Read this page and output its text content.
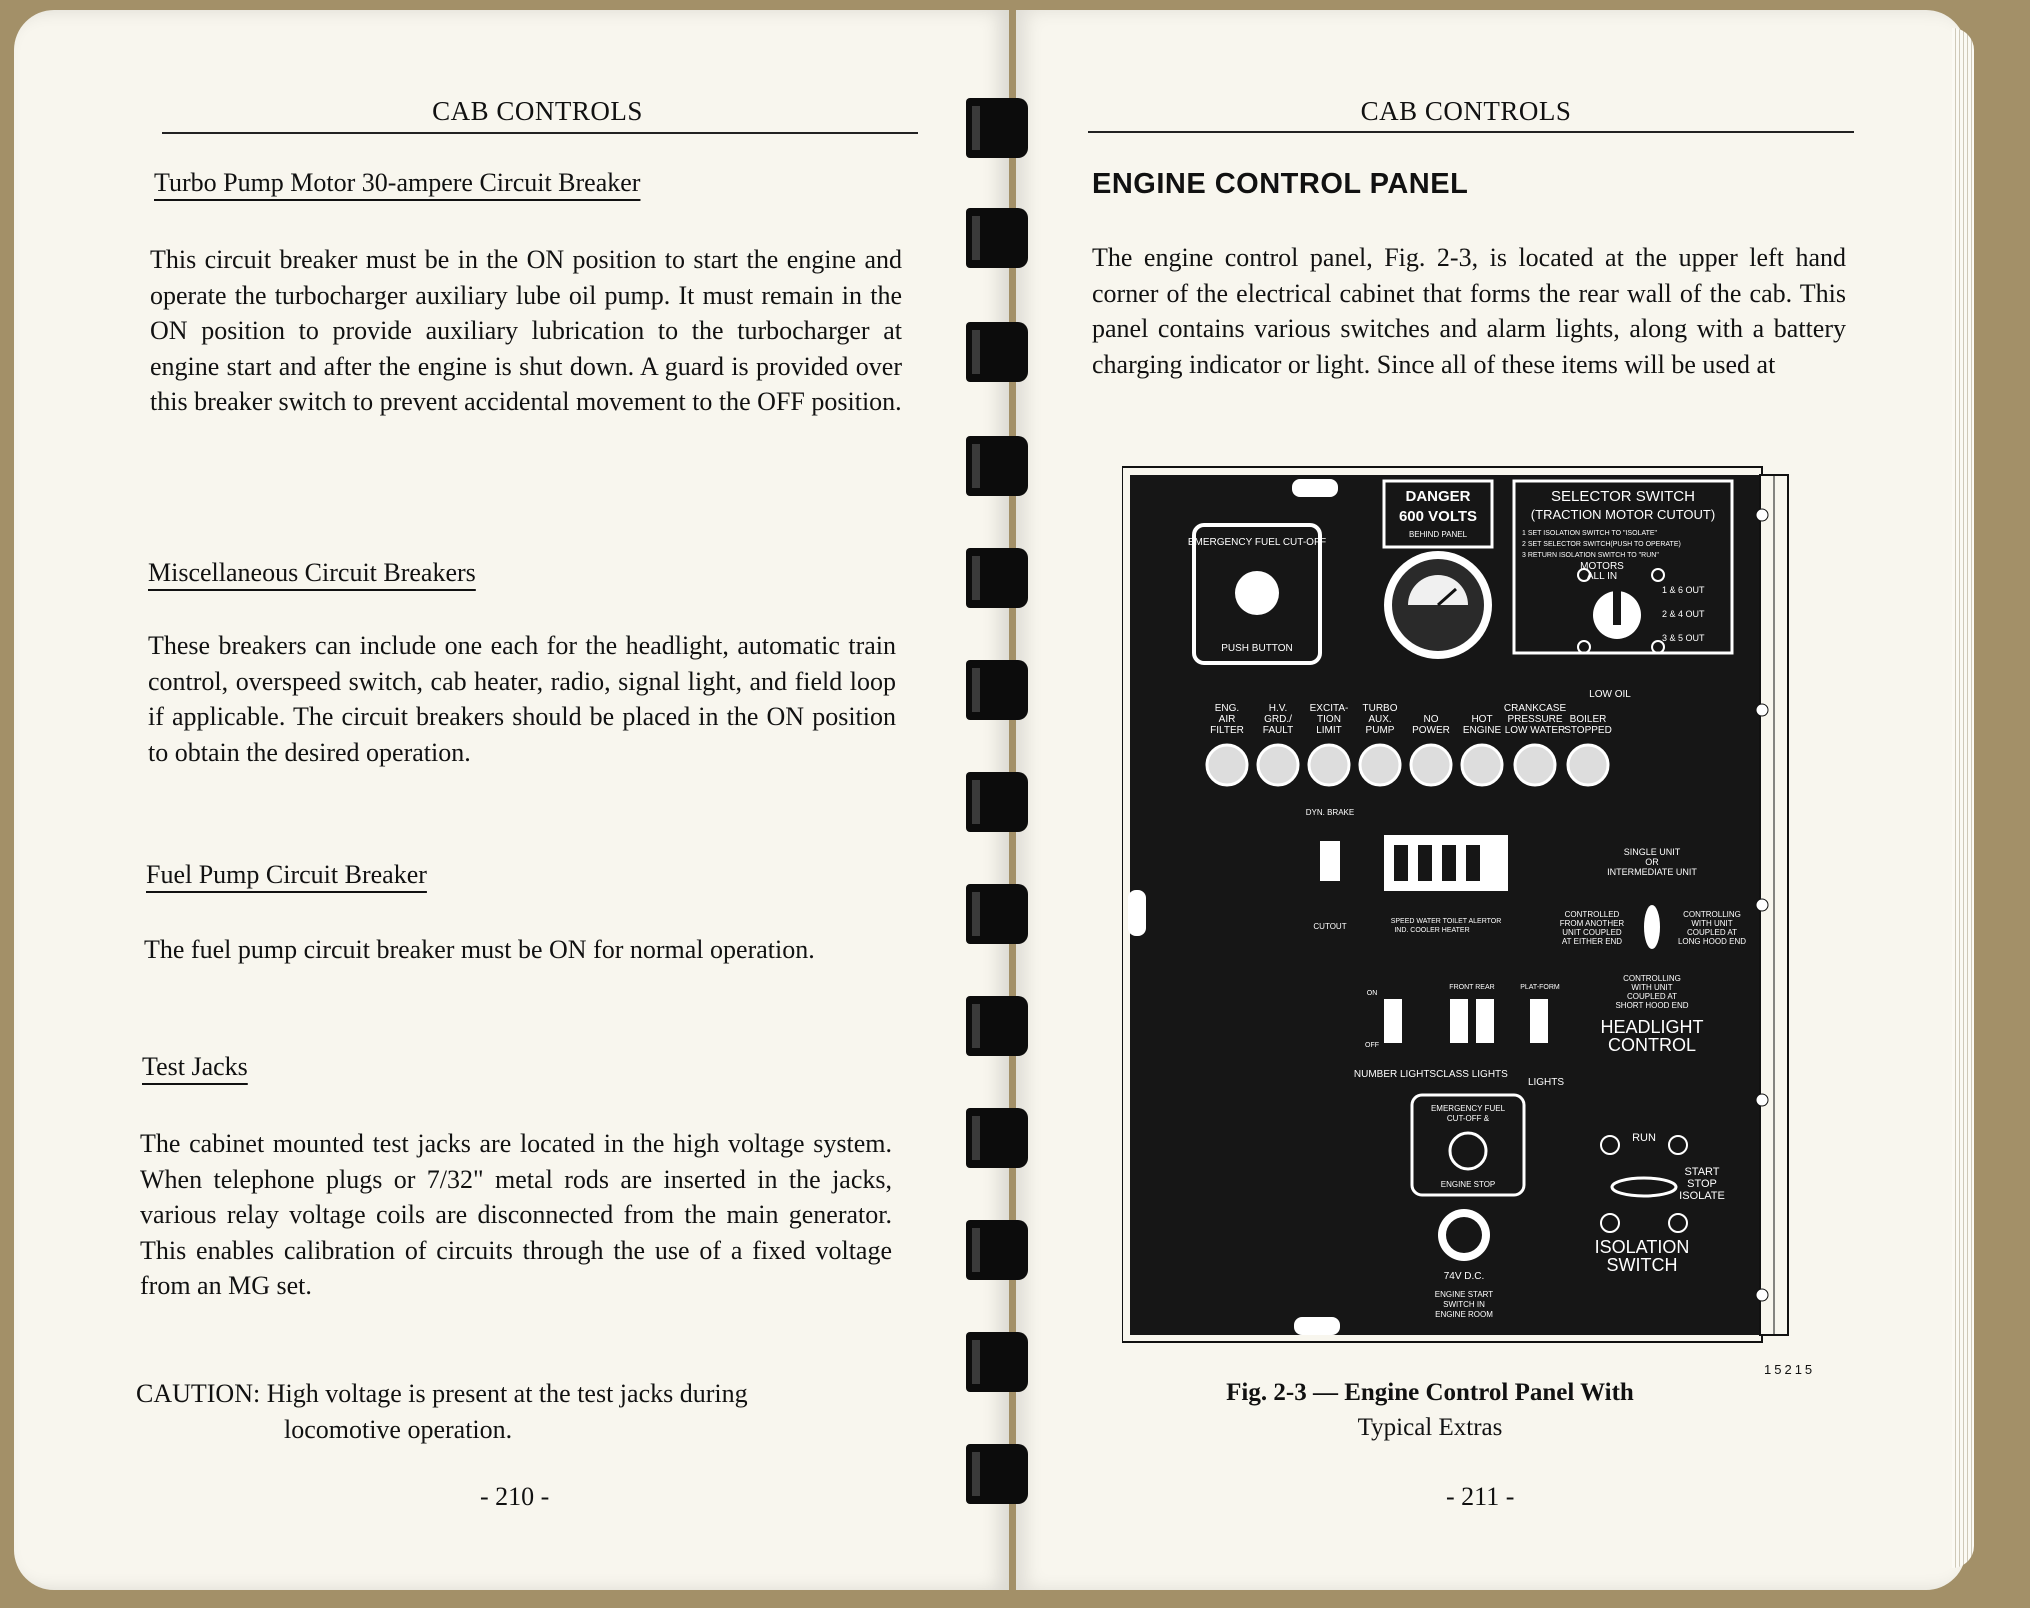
CAB CONTROLS
Turbo Pump Motor 30-ampere Circuit Breaker
This circuit breaker must be in the ON position to start the engine and operate the turbocharger auxiliary lube oil pump. It must remain in the ON position to provide auxiliary lubrication to the turbocharger at engine start and after the engine is shut down. A guard is provided over this breaker switch to prevent accidental movement to the OFF position.
Miscellaneous Circuit Breakers
These breakers can include one each for the headlight, automatic train control, overspeed switch, cab heater, radio, signal light, and field loop if applicable. The circuit breakers should be placed in the ON position to obtain the desired operation.
Fuel Pump Circuit Breaker
The fuel pump circuit breaker must be ON for normal operation.
Test Jacks
The cabinet mounted test jacks are located in the high voltage system. When telephone plugs or 7/32" metal rods are inserted in the jacks, various relay voltage coils are disconnected from the main generator. This enables calibration of circuits through the use of a fixed voltage from an MG set.
CAUTION: High voltage is present at the test jacks during
locomotive operation.
- 210 -
CAB CONTROLS
ENGINE CONTROL PANEL
The engine control panel, Fig. 2-3, is located at the upper left hand corner of the electrical cabinet that forms the rear wall of the cab. This panel contains various switches and alarm lights, along with a battery charging indicator or light. Since all of these items will be used at
EMERGENCY FUEL CUT-OFF
PUSH BUTTON
DANGER
600 VOLTS
BEHIND PANEL
SELECTOR SWITCH
(TRACTION MOTOR CUTOUT)
1 SET ISOLATION SWITCH TO "ISOLATE"
2 SET SELECTOR SWITCH(PUSH TO OPERATE)
3 RETURN ISOLATION SWITCH TO "RUN"
MOTORS
ALL IN
1 & 6 OUT
2 & 4 OUT
3 & 5 OUT
LOW OIL
ENG.
AIR
FILTER
H.V.
GRD./
FAULT
EXCITA-
TION
LIMIT
TURBO
AUX.
PUMP
NO
POWER
HOT
ENGINE
CRANKCASE
PRESSURE
LOW WATER
BOILER
STOPPED
DYN. BRAKE
CUTOUT
SPEED WATER TOILET ALERTOR
IND. COOLER HEATER
SINGLE UNIT
OR
INTERMEDIATE UNIT
CONTROLLED
FROM ANOTHER
UNIT COUPLED
AT EITHER END
CONTROLLING
WITH UNIT
COUPLED AT
LONG HOOD END
CONTROLLING
WITH UNIT
COUPLED AT
SHORT HOOD END
HEADLIGHT
CONTROL
ON
OFF
FRONT REAR	PLAT-FORM
NUMBER LIGHTS CLASS LIGHTS
LIGHTS
EMERGENCY FUEL
CUT-OFF &
ENGINE STOP
74V D.C.
ENGINE START
SWITCH IN
ENGINE ROOM
RUN
START
STOP
ISOLATE
ISOLATION
SWITCH
15215
Fig. 2-3 — Engine Control Panel With
Typical Extras
- 211 -
